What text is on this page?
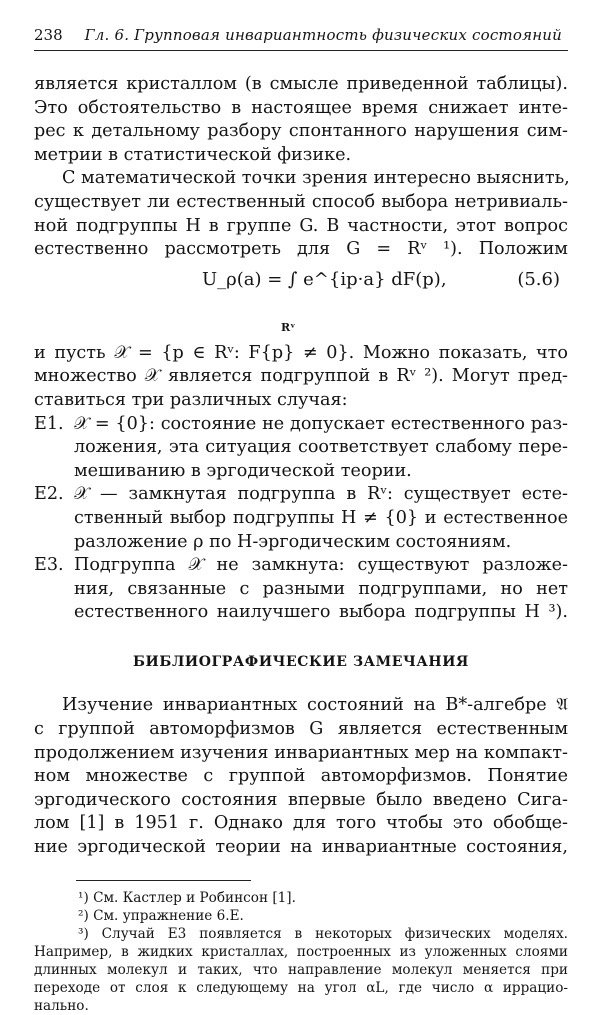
238 Гл. 6. Групповая инвариантность физических состояний
является кристаллом (в смысле приведенной таблицы).
Это обстоятельство в настоящее время снижает инте-
рес к детальному разбору спонтанного нарушения сим-
метрии в статистической физике.
С математической точки зрения интересно выяснить,
существует ли естественный способ выбора нетривиаль-
ной подгруппы H в группе G. В частности, этот вопрос
естественно рассмотреть для G = Rᵛ ¹). Положим
U_ρ(a) = ∫ e^{ip·a} dF(p),
Rᵛ
(5.6)
и пусть 𝒳 = {p ∈ Rᵛ: F{p} ≠ 0}. Можно показать, что
множество 𝒳 является подгруппой в Rᵛ ²). Могут пред-
ставиться три различных случая:
E1. 𝒳 = {0}: состояние не допускает естественного раз-
ложения, эта ситуация соответствует слабому пере-
мешиванию в эргодической теории.
E2. 𝒳 — замкнутая подгруппа в Rᵛ: существует есте-
ственный выбор подгруппы H ≠ {0} и естественное
разложение ρ по H-эргодическим состояниям.
E3. Подгруппа 𝒳 не замкнута: существуют разложе-
ния, связанные с разными подгруппами, но нет
естественного наилучшего выбора подгруппы H ³).
БИБЛИОГРАФИЧЕСКИЕ ЗАМЕЧАНИЯ
Изучение инвариантных состояний на B*-алгебре 𝔄
с группой автоморфизмов G является естественным
продолжением изучения инвариантных мер на компакт-
ном множестве с группой автоморфизмов. Понятие
эргодического состояния впервые было введено Сига-
лом [1] в 1951 г. Однако для того чтобы это обобще-
ние эргодической теории на инвариантные состояния,
¹) См. Кастлер и Робинсон [1].
²) См. упражнение 6.E.
³) Случай E3 появляется в некоторых физических моделях.
Например, в жидких кристаллах, построенных из уложенных слоями
длинных молекул и таких, что направление молекул меняется при
переходе от слоя к следующему на угол αL, где число α иррацио-
нально.
